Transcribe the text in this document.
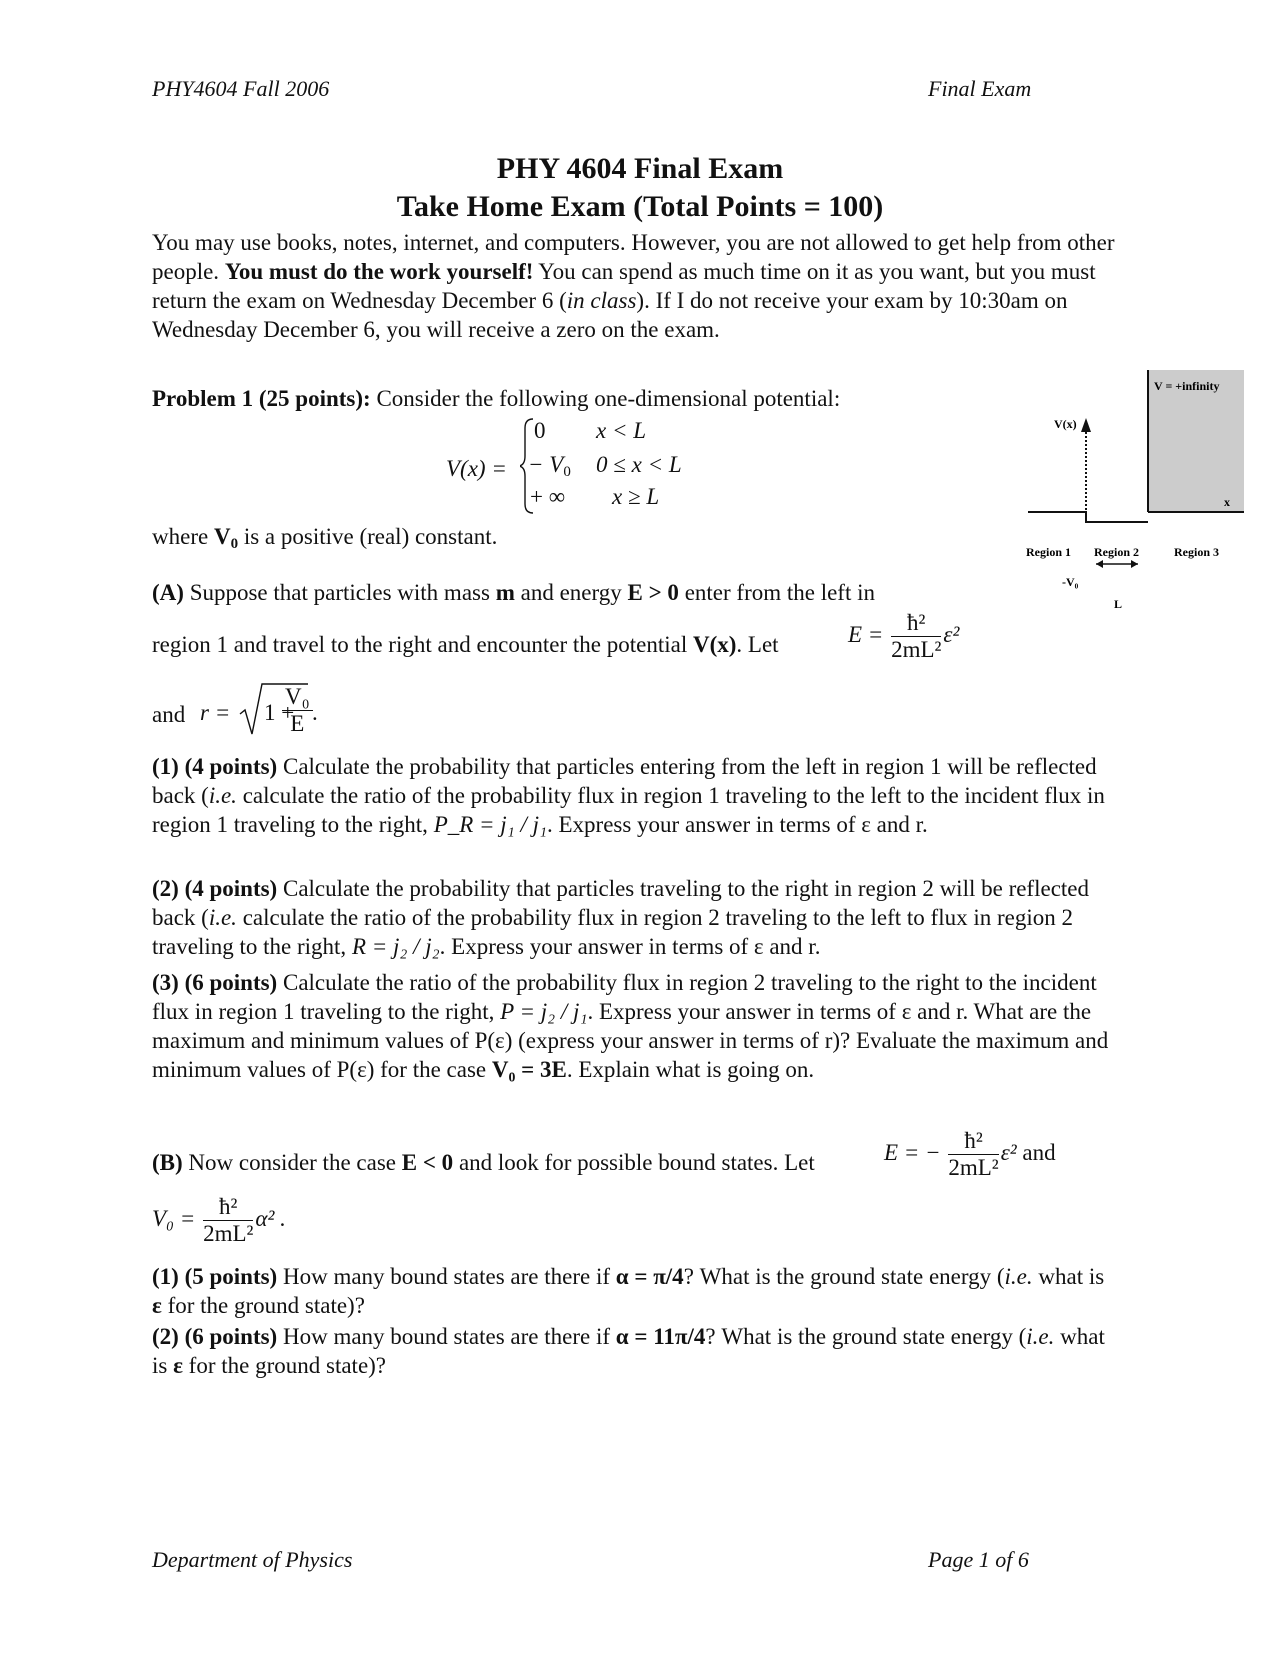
PHY4604 Fall 2006	Final Exam
PHY 4604 Final Exam
Take Home Exam (Total Points = 100)
You may use books, notes, internet, and computers. However, you are not allowed to get help from other people. You must do the work yourself! You can spend as much time on it as you want, but you must return the exam on Wednesday December 6 (in class). If I do not receive your exam by 10:30am on Wednesday December 6, you will receive a zero on the exam.
Problem 1 (25 points): Consider the following one-dimensional potential:
V(x) =
0 x < L
− $V_0$ 0 ≤ x < L
+ ∞ x ≥ L
where $V_0$ is a positive (real) constant.
(A) Suppose that particles with mass m and energy E > 0 enter from the left in
region 1 and travel to the right and encounter the potential V(x). Let	$E = \frac{\text{ħ²}}{\text{2mL²}} \varepsilon^2$
and r = 1 +
$\frac{\text{V₀}}{E}$ .
(1) (4 points) Calculate the probability that particles entering from the left in region 1 will be reflected back (i.e. calculate the ratio of the probability flux in region 1 traveling to the left to the incident flux in region 1 traveling to the right, P_R = j₁ / j₁. Express your answer in terms of ε and r.
(2) (4 points) Calculate the probability that particles traveling to the right in region 2 will be reflected back (i.e. calculate the ratio of the probability flux in region 2 traveling to the left to flux in region 2 traveling to the right, R = j₂ / j₂. Express your answer in terms of ε and r.
(3) (6 points) Calculate the ratio of the probability flux in region 2 traveling to the right to the incident flux in region 1 traveling to the right, P = j₂ / j₁. Express your answer in terms of ε and r. What are the maximum and minimum values of P(ε) (express your answer in terms of r)? Evaluate the maximum and minimum values of P(ε) for the case V₀ = 3E. Explain what is going on.
(B) Now consider the case E < 0 and look for possible bound states. Let	E = − $\frac{\text{ħ²}}{\text{2mL²}} \varepsilon^2$ and
$V_0 = \frac{\text{ħ²}}{\text{2mL²}} \alpha^2$ .
(1) (5 points) How many bound states are there if α = π/4? What is the ground state energy (i.e. what is ε for the ground state)?
(2) (6 points) How many bound states are there if α = 11π/4? What is the ground state energy (i.e. what is ε for the ground state)?
V(x)
V = +infinity
x
Region 1 Region 2	Region 3
-V₀
L
Department of Physics	Page 1 of 6
